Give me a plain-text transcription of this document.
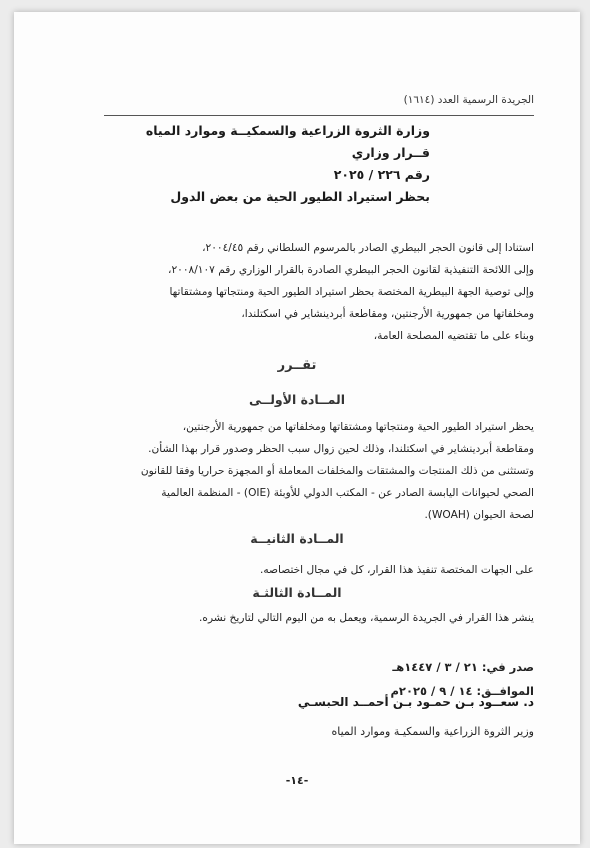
الجريدة الرسمية العدد (١٦١٤)
وزارة الثروة الزراعية والسمكيــة وموارد المياه
قــرار وزاري
رقم ٢٢٦ / ٢٠٢٥
بحظر استيراد الطيور الحية من بعض الدول
استنادا إلى قانون الحجر البيطري الصادر بالمرسوم السلطاني رقم ٢٠٠٤/٤٥،
وإلى اللائحة التنفيذية لقانون الحجر البيطري الصادرة بالقرار الوزاري رقم ٢٠٠٨/١٠٧،
وإلى توصية الجهة البيطرية المختصة بحظر استيراد الطيور الحية ومنتجاتها ومشتقاتها
ومخلفاتها من جمهورية الأرجنتين، ومقاطعة أبردينشاير في اسكتلندا،
وبناء على ما تقتضيه المصلحة العامة،
تقــرر
المــادة الأولــى
يحظر استيراد الطيور الحية ومنتجاتها ومشتقاتها ومخلفاتها من جمهورية الأرجنتين،
ومقاطعة أبردينشاير في اسكتلندا، وذلك لحين زوال سبب الحظر وصدور قرار بهذا الشأن.
وتستثنى من ذلك المنتجات والمشتقات والمخلفات المعاملة أو المجهزة حراريا وفقا للقانون
الصحي لحيوانات اليابسة الصادر عن - المكتب الدولي للأوبئة (OIE) - المنظمة العالمية
لصحة الحيوان (WOAH).
المــادة الثانيــة
على الجهات المختصة تنفيذ هذا القرار، كل في مجال اختصاصه.
المــادة الثالثـة
ينشر هذا القرار في الجريدة الرسمية، ويعمل به من اليوم التالي لتاريخ نشره.
صدر في: ٢١ / ٣ / ١٤٤٧هـ
الموافــق: ١٤ / ٩ / ٢٠٢٥م
د. سعــود بـن حمـود بـن أحمــد الحبسـي
وزير الثروة الزراعية والسمكيـة وموارد المياه
-١٤-
